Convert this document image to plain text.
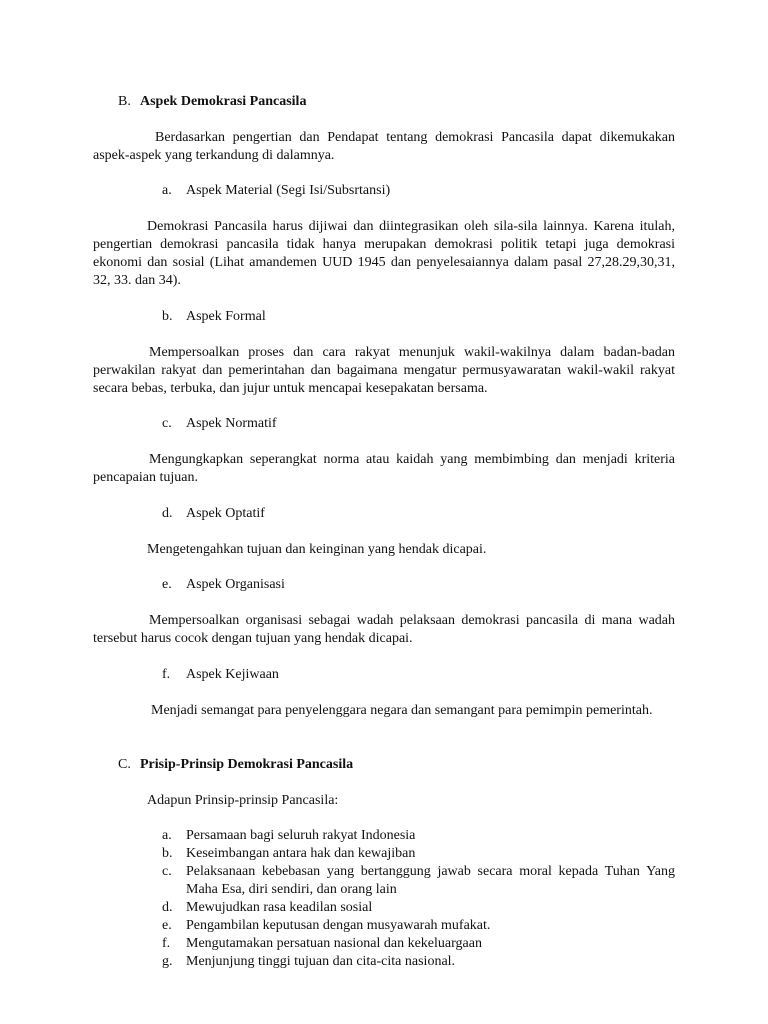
B. Aspek Demokrasi Pancasila

Berdasarkan pengertian dan Pendapat tentang demokrasi Pancasila dapat dikemukakan aspek-aspek yang terkandung di dalamnya.

a. Aspek Material (Segi Isi/Subsrtansi)

Demokrasi Pancasila harus dijiwai dan diintegrasikan oleh sila-sila lainnya. Karena itulah, pengertian demokrasi pancasila tidak hanya merupakan demokrasi politik tetapi juga demokrasi ekonomi dan sosial (Lihat amandemen UUD 1945 dan penyelesaiannya dalam pasal 27,28.29,30,31, 32, 33. dan 34).

b. Aspek Formal

Mempersoalkan proses dan cara rakyat menunjuk wakil-wakilnya dalam badan-badan perwakilan rakyat dan pemerintahan dan bagaimana mengatur permusyawaratan wakil-wakil rakyat secara bebas, terbuka, dan jujur untuk mencapai kesepakatan bersama.

c. Aspek Normatif

Mengungkapkan seperangkat norma atau kaidah yang membimbing dan menjadi kriteria pencapaian tujuan.

d. Aspek Optatif

Mengetengahkan tujuan dan keinginan yang hendak dicapai.

e. Aspek Organisasi

Mempersoalkan organisasi sebagai wadah pelaksaan demokrasi pancasila di mana wadah tersebut harus cocok dengan tujuan yang hendak dicapai.

f. Aspek Kejiwaan

Menjadi semangat para penyelenggara negara dan semangant para pemimpin pemerintah.

C. Prisip-Prinsip Demokrasi Pancasila

Adapun Prinsip-prinsip Pancasila:

a. Persamaan bagi seluruh rakyat Indonesia
b. Keseimbangan antara hak dan kewajiban
c. Pelaksanaan kebebasan yang bertanggung jawab secara moral kepada Tuhan Yang Maha Esa, diri sendiri, dan orang lain
d. Mewujudkan rasa keadilan sosial
e. Pengambilan keputusan dengan musyawarah mufakat.
f. Mengutamakan persatuan nasional dan kekeluargaan
g. Menjunjung tinggi tujuan dan cita-cita nasional.
